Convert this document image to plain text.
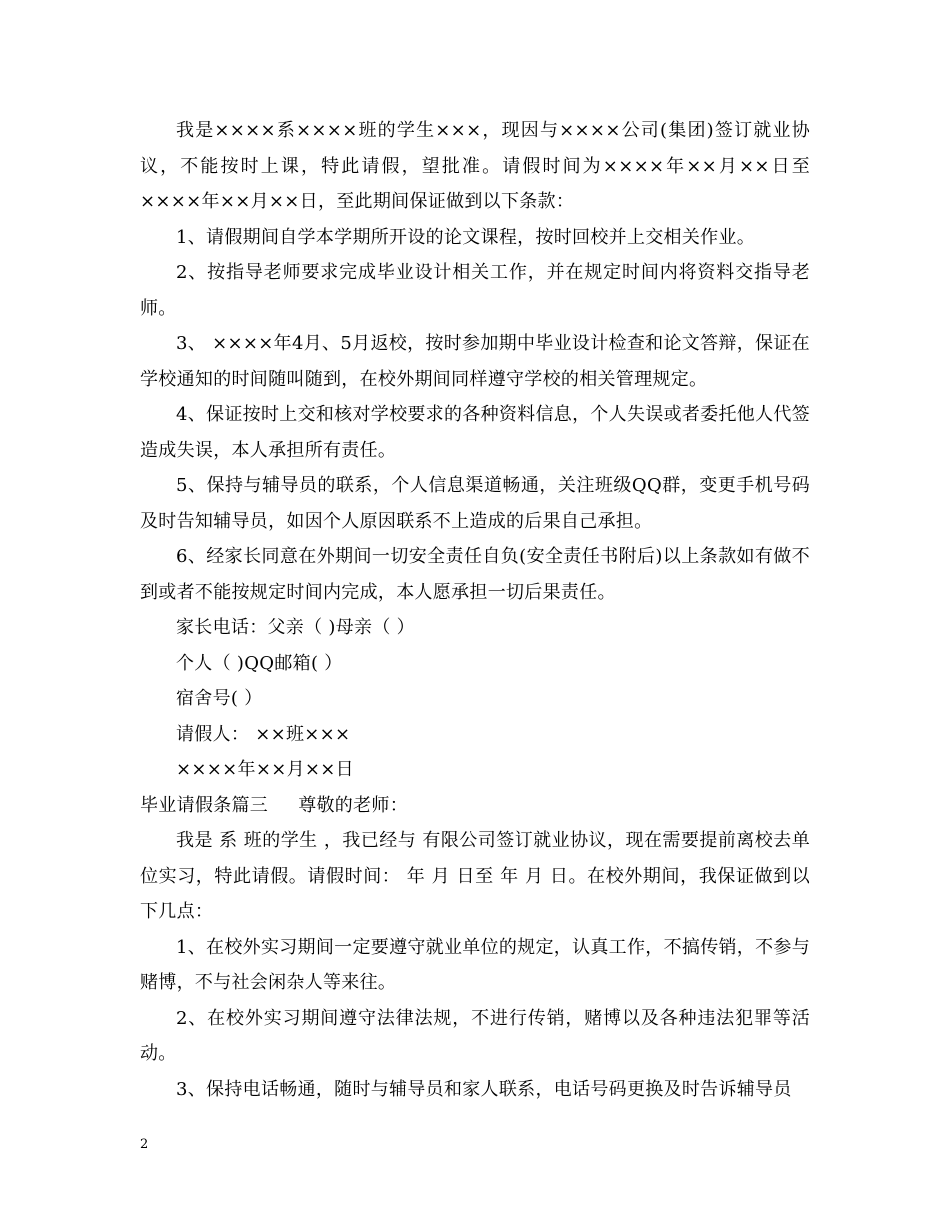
我是××××系××××班的学生×××，现因与××××公司(集团)签订就业协议，不能按时上课，特此请假，望批准。请假时间为××××年××月××日至××××年××月××日，至此期间保证做到以下条款：

1、请假期间自学本学期所开设的论文课程，按时回校并上交相关作业。

2、按指导老师要求完成毕业设计相关工作，并在规定时间内将资料交指导老师。

3、 ××××年4月、5月返校，按时参加期中毕业设计检查和论文答辩，保证在学校通知的时间随叫随到，在校外期间同样遵守学校的相关管理规定。

4、保证按时上交和核对学校要求的各种资料信息，个人失误或者委托他人代签造成失误，本人承担所有责任。

5、保持与辅导员的联系，个人信息渠道畅通，关注班级QQ群，变更手机号码及时告知辅导员，如因个人原因联系不上造成的后果自己承担。

6、经家长同意在外期间一切安全责任自负(安全责任书附后)以上条款如有做不到或者不能按规定时间内完成，本人愿承担一切后果责任。

家长电话：父亲（ )母亲（ ）

个人（ )QQ邮箱( ）

宿舍号( ）

请假人： ××班×××

××××年××月××日

毕业请假条篇三     尊敬的老师：

我是 系 班的学生 ，我已经与 有限公司签订就业协议，现在需要提前离校去单位实习，特此请假。请假时间： 年 月 日至 年 月 日。在校外期间，我保证做到以下几点：

1、在校外实习期间一定要遵守就业单位的规定，认真工作，不搞传销，不参与赌博，不与社会闲杂人等来往。

2、在校外实习期间遵守法律法规，不进行传销，赌博以及各种违法犯罪等活动。

3、保持电话畅通，随时与辅导员和家人联系，电话号码更换及时告诉辅导员

2
